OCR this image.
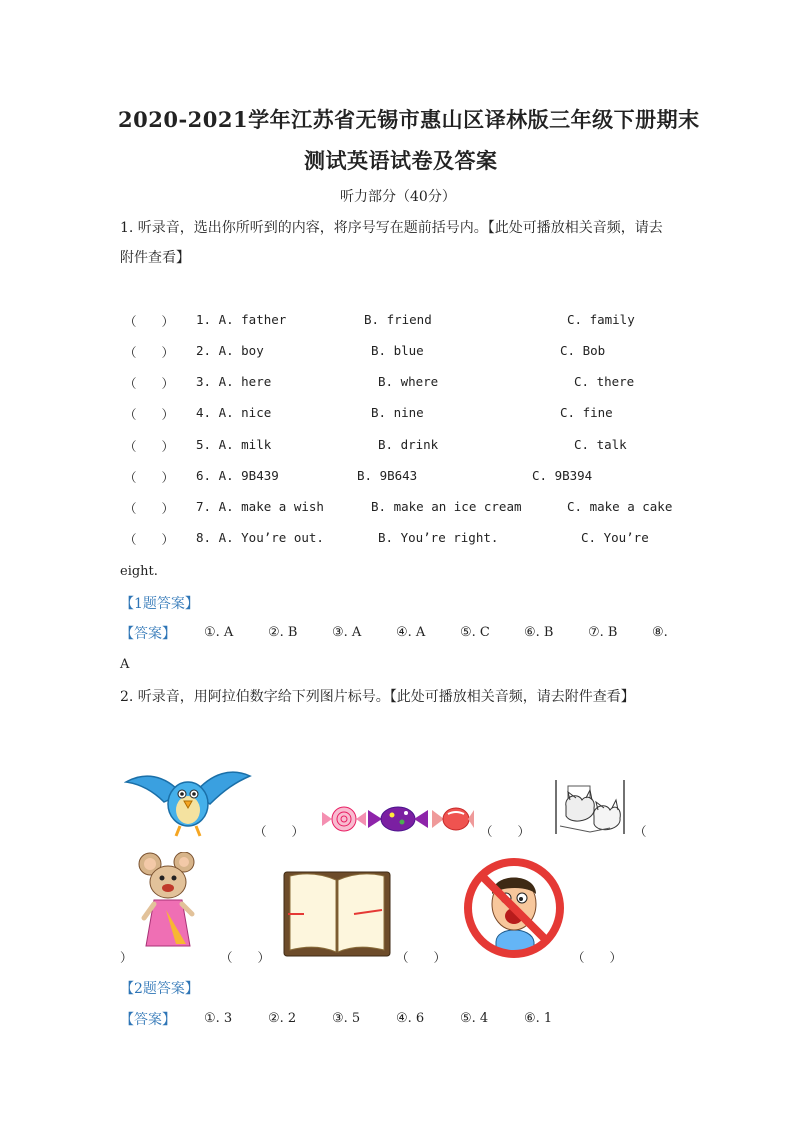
2020-2021学年江苏省无锡市惠山区译林版三年级下册期末
测试英语试卷及答案
听力部分（40分）
1. 听录音，选出你所听到的内容，将序号写在题前括号内。【此处可播放相关音频，请去
附件查看】
（　　） 1. A. father	B. friend	C. family
（　　） 2. A. boy	B. blue	C. Bob
（　　） 3. A. here	B. where	C. there
（　　） 4. A. nice	B. nine	C. fine
（　　） 5. A. milk	B. drink	C. talk
（　　） 6. A. 9B439	B. 9B643	C. 9B394
（　　） 7. A. make a wish	B. make an ice cream	C. make a cake
（　　） 8. A. You’re out.	B. You’re right.	C. You’re
eight.
【1题答案】
【答案】 ①. A	②. B	③. A	④. A	⑤. C	⑥. B	⑦. B	⑧.
A
2. 听录音，用阿拉伯数字给下列图片标号。【此处可播放相关音频，请去附件查看】
（　　）	（　　）	（
）	（　　）	（　　）	（　　）
【2题答案】
【答案】 ①. 3	②. 2	③. 5	④. 6	⑤. 4	⑥. 1
